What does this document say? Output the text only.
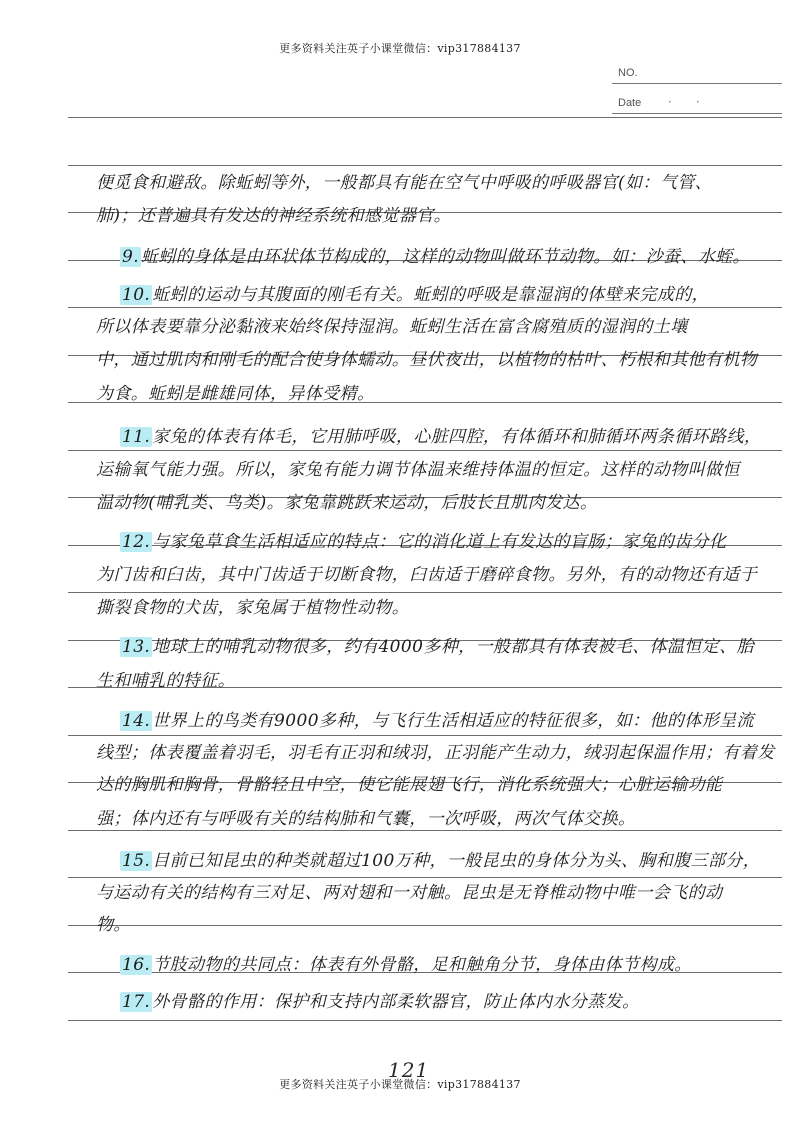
更多资料关注英子小课堂微信：vip317884137
NO.
Date ··
便觅食和避敌。除蚯蚓等外，一般都具有能在空气中呼吸的呼吸器官(如：气管、
肺)；还普遍具有发达的神经系统和感觉器官。
9. 蚯蚓的身体是由环状体节构成的，这样的动物叫做环节动物。如：沙蚕、水蛭。
10. 蚯蚓的运动与其腹面的刚毛有关。蚯蚓的呼吸是靠湿润的体壁来完成的，
所以体表要靠分泌黏液来始终保持湿润。蚯蚓生活在富含腐殖质的湿润的土壤
中，通过肌肉和刚毛的配合使身体蠕动。昼伏夜出，以植物的枯叶、朽根和其他有机物
为食。蚯蚓是雌雄同体，异体受精。
11. 家兔的体表有体毛，它用肺呼吸，心脏四腔，有体循环和肺循环两条循环路线，
运输氧气能力强。所以，家兔有能力调节体温来维持体温的恒定。这样的动物叫做恒
温动物(哺乳类、鸟类)。家兔靠跳跃来运动，后肢长且肌肉发达。
12. 与家兔草食生活相适应的特点：它的消化道上有发达的盲肠；家兔的齿分化
为门齿和臼齿，其中门齿适于切断食物，臼齿适于磨碎食物。另外，有的动物还有适于
撕裂食物的犬齿，家兔属于植物性动物。
13. 地球上的哺乳动物很多，约有4000多种，一般都具有体表被毛、体温恒定、胎
生和哺乳的特征。
14. 世界上的鸟类有9000多种，与飞行生活相适应的特征很多，如：他的体形呈流
线型；体表覆盖着羽毛，羽毛有正羽和绒羽，正羽能产生动力，绒羽起保温作用；有着发
达的胸肌和胸骨，骨骼轻且中空，使它能展翅飞行，消化系统强大；心脏运输功能
强；体内还有与呼吸有关的结构肺和气囊，一次呼吸，两次气体交换。
15. 目前已知昆虫的种类就超过100万种，一般昆虫的身体分为头、胸和腹三部分，
与运动有关的结构有三对足、两对翅和一对触。昆虫是无脊椎动物中唯一会飞的动
物。
16. 节肢动物的共同点：体表有外骨骼，足和触角分节，身体由体节构成。
17. 外骨骼的作用：保护和支持内部柔软器官，防止体内水分蒸发。
121
更多资料关注英子小课堂微信：vip317884137
